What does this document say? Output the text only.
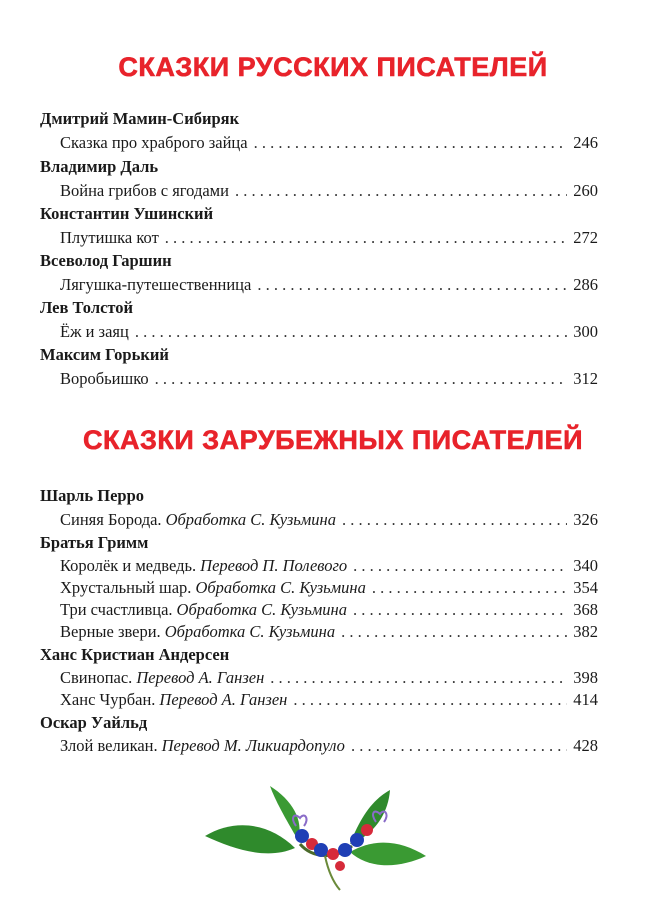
СКАЗКИ РУССКИХ ПИСАТЕЛЕЙ
Дмитрий Мамин-Сибиряк
Сказка про храброго зайца . . .	246
Владимир Даль
Война грибов с ягодами . . .	260
Константин Ушинский
Плутишка кот . . .	272
Всеволод Гаршин
Лягушка-путешественница . . .	286
Лев Толстой
Ёж и заяц . . .	300
Максим Горький
Воробьишко . . .	312
СКАЗКИ ЗАРУБЕЖНЫХ ПИСАТЕЛЕЙ
Шарль Перро
Синяя Борода. Обработка С. Кузьмина . . .	326
Братья Гримм
Королёк и медведь. Перевод П. Полевого . . .	340
Хрустальный шар. Обработка С. Кузьмина . . .	354
Три счастливца. Обработка С. Кузьмина . . .	368
Верные звери. Обработка С. Кузьмина . . .	382
Ханс Кристиан Андерсен
Свинопас. Перевод А. Ганзен . . .	398
Ханс Чурбан. Перевод А. Ганзен . . .	414
Оскар Уайльд
Злой великан. Перевод М. Ликиардопуло . . .	428
